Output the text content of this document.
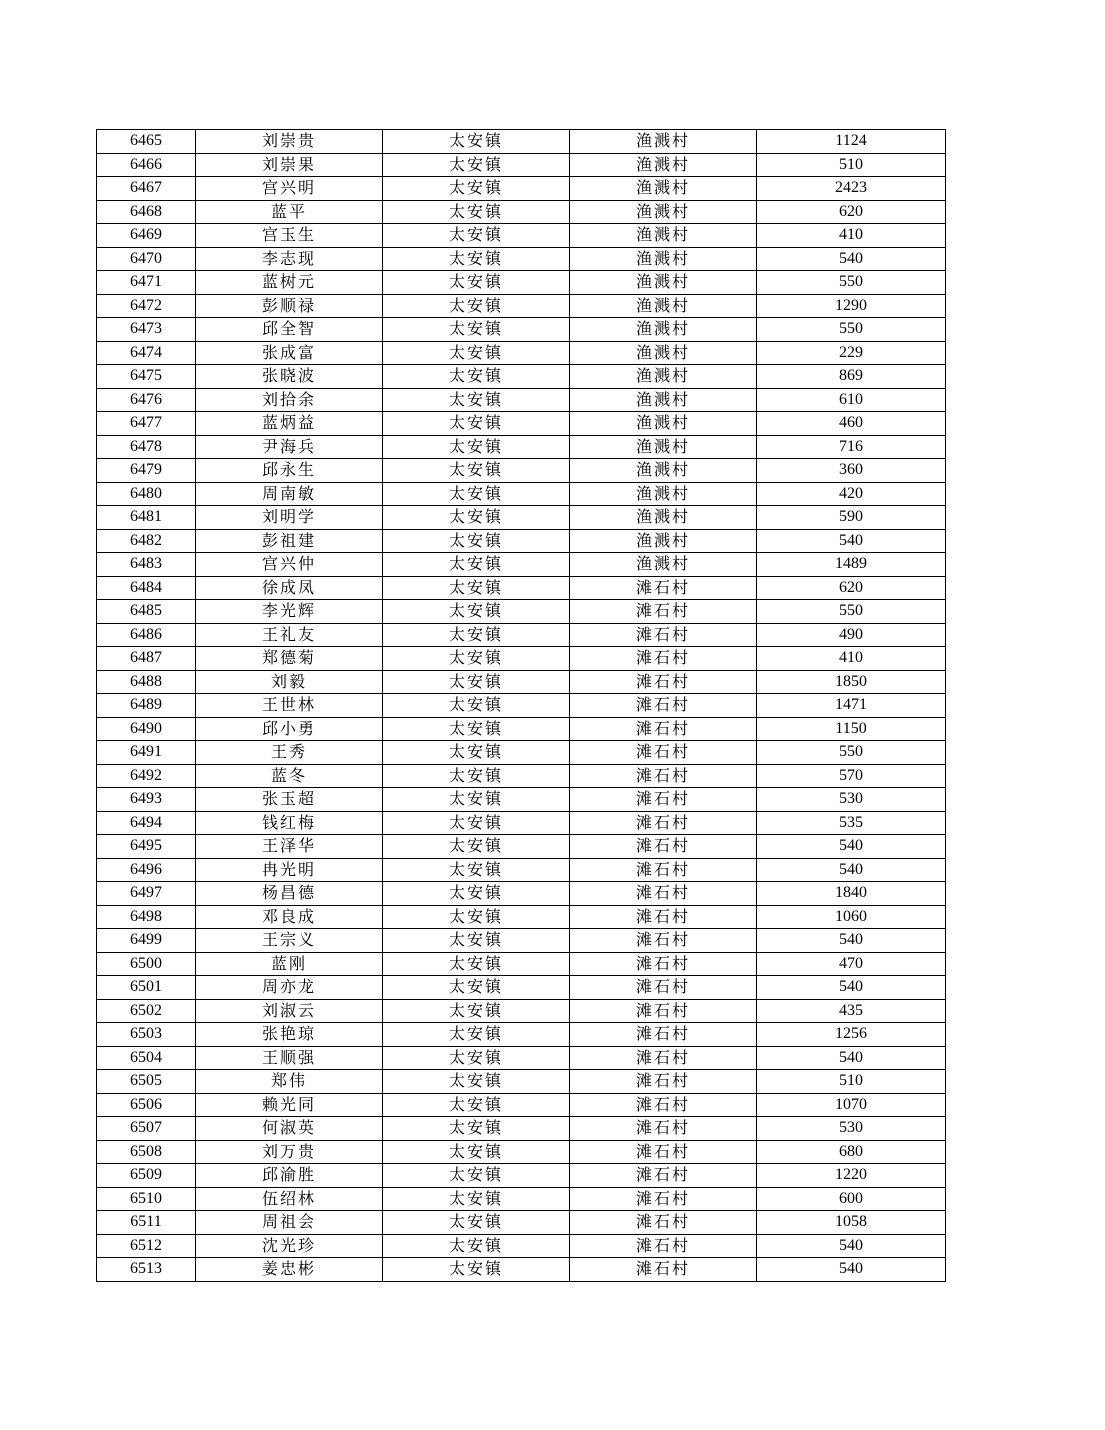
6465	刘崇贵	太安镇	渔溅村	1124
6466	刘崇果	太安镇	渔溅村	510
6467	宫兴明	太安镇	渔溅村	2423
6468	蓝平	太安镇	渔溅村	620
6469	宫玉生	太安镇	渔溅村	410
6470	李志现	太安镇	渔溅村	540
6471	蓝树元	太安镇	渔溅村	550
6472	彭顺禄	太安镇	渔溅村	1290
6473	邱全智	太安镇	渔溅村	550
6474	张成富	太安镇	渔溅村	229
6475	张晓波	太安镇	渔溅村	869
6476	刘拾余	太安镇	渔溅村	610
6477	蓝炳益	太安镇	渔溅村	460
6478	尹海兵	太安镇	渔溅村	716
6479	邱永生	太安镇	渔溅村	360
6480	周南敏	太安镇	渔溅村	420
6481	刘明学	太安镇	渔溅村	590
6482	彭祖建	太安镇	渔溅村	540
6483	宫兴仲	太安镇	渔溅村	1489
6484	徐成凤	太安镇	滩石村	620
6485	李光辉	太安镇	滩石村	550
6486	王礼友	太安镇	滩石村	490
6487	郑德菊	太安镇	滩石村	410
6488	刘毅	太安镇	滩石村	1850
6489	王世林	太安镇	滩石村	1471
6490	邱小勇	太安镇	滩石村	1150
6491	王秀	太安镇	滩石村	550
6492	蓝冬	太安镇	滩石村	570
6493	张玉超	太安镇	滩石村	530
6494	钱红梅	太安镇	滩石村	535
6495	王泽华	太安镇	滩石村	540
6496	冉光明	太安镇	滩石村	540
6497	杨昌德	太安镇	滩石村	1840
6498	邓良成	太安镇	滩石村	1060
6499	王宗义	太安镇	滩石村	540
6500	蓝刚	太安镇	滩石村	470
6501	周亦龙	太安镇	滩石村	540
6502	刘淑云	太安镇	滩石村	435
6503	张艳琼	太安镇	滩石村	1256
6504	王顺强	太安镇	滩石村	540
6505	郑伟	太安镇	滩石村	510
6506	赖光同	太安镇	滩石村	1070
6507	何淑英	太安镇	滩石村	530
6508	刘万贵	太安镇	滩石村	680
6509	邱渝胜	太安镇	滩石村	1220
6510	伍绍林	太安镇	滩石村	600
6511	周祖会	太安镇	滩石村	1058
6512	沈光珍	太安镇	滩石村	540
6513	姜忠彬	太安镇	滩石村	540
